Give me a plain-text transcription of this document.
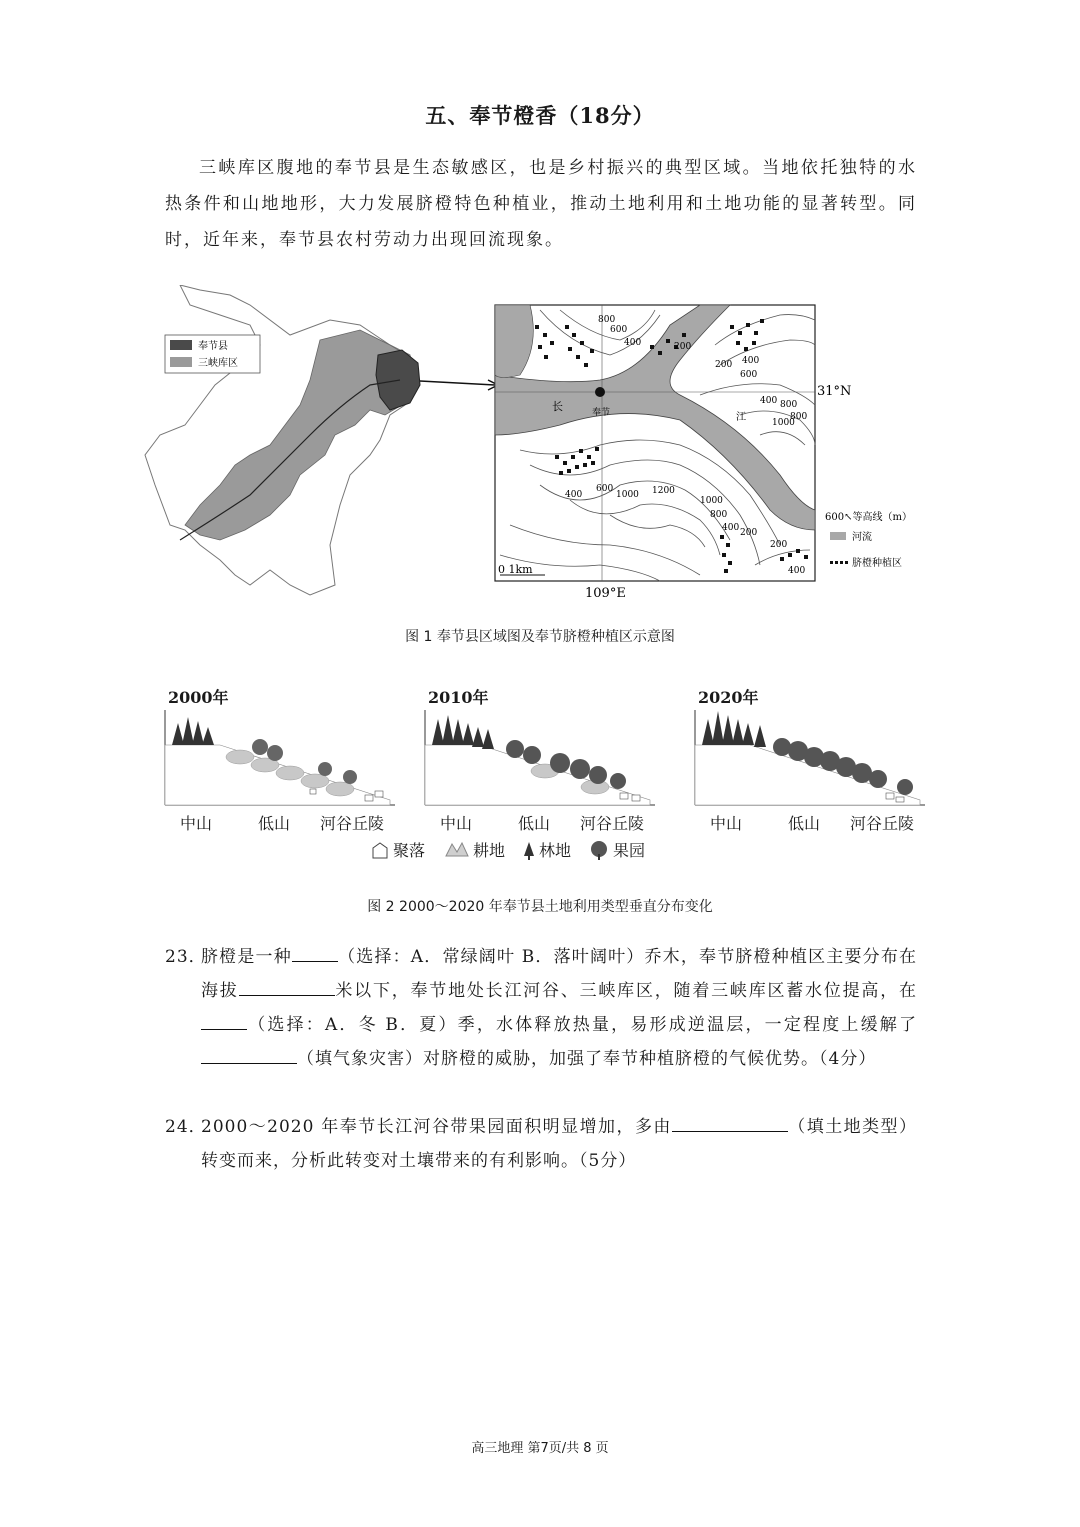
五、奉节橙香（18分）
三峡库区腹地的奉节县是生态敏感区，也是乡村振兴的典型区域。当地依托独特的水热条件和山地地形，大力发展脐橙特色种植业，推动土地利用和土地功能的显著转型。同时，近年来，奉节县农村劳动力出现回流现象。
奉节县
三峡库区
奉节
长
江
800
600
400	200
400
600
200
400 800
1000
800
400
600
1000 1200
1000
800
400 200
200
400
0 1km
31°N
109°E
600↖等高线（m）
河流
脐橙种植区
图 1 奉节县区域图及奉节脐橙种植区示意图
2000年
中山	低山 河谷丘陵
2010年
中山	低山 河谷丘陵
2020年
中山	低山 河谷丘陵
聚落	耕地 林地	果园
图 2 2000～2020 年奉节县土地利用类型垂直分布变化
23．
脐橙是一种	（选择：A．常绿阔叶 B．落叶阔叶）乔木，奉节脐橙种植区主要分布在海拔	米以下，奉节地处长江河谷、三峡库区，随着三峡库区蓄水位提高，在（选择：A．冬 B．夏）季，水体释放热量，易形成逆温层，一定程度上缓解了（填气象灾害）对脐橙的威胁，加强了奉节种植脐橙的气候优势。（4分）
24．
2000～2020 年奉节长江河谷带果园面积明显增加，多由	（填土地类型）转变而来，分析此转变对土壤带来的有利影响。（5分）
高三地理 第7页/共 8 页
